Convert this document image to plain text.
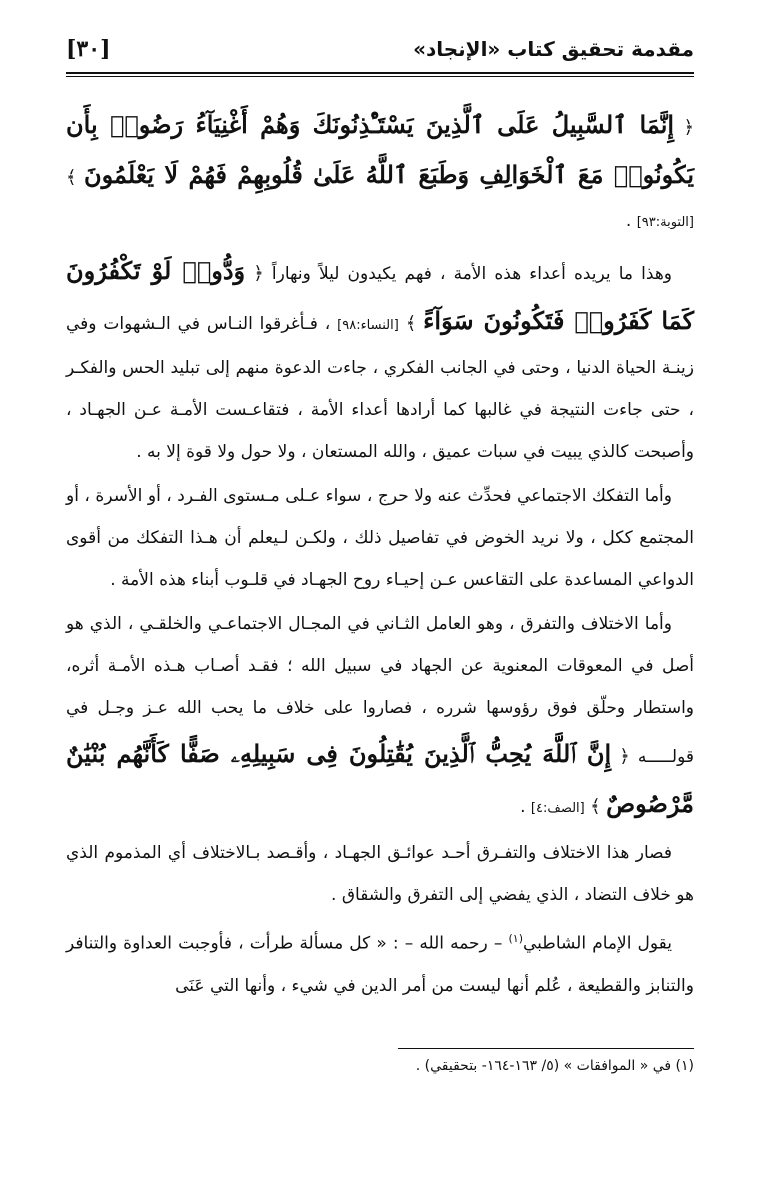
[٣٠]	مقدمة تحقيق كتاب «الإنجاد»

﴿ إِنَّمَا ٱلسَّبِيلُ عَلَى ٱلَّذِينَ يَسْتَـْٔذِنُونَكَ وَهُمْ أَغْنِيَآءُ رَضُوا۟ بِأَن يَكُونُوا۟ مَعَ ٱلْخَوَالِفِ وَطَبَعَ ٱللَّهُ عَلَىٰ قُلُوبِهِمْ فَهُمْ لَا يَعْلَمُونَ ﴾ [التوبة:٩٣] .

وهذا ما يريده أعداء هذه الأمة ، فهم يكيدون ليلاً ونهاراً ﴿ وَدُّوا۟ لَوْ تَكْفُرُونَ كَمَا كَفَرُوا۟ فَتَكُونُونَ سَوَآءً ﴾ [النساء:٩٨] ، فـأغرقوا النـاس في الـشهوات وفي زينـة الحياة الدنيا ، وحتى في الجانب الفكري ، جاءت الدعوة منهم إلى تبليد الحس والفكـر ، حتى جاءت النتيجة في غالبها كما أرادها أعداء الأمة ، فتقاعـست الأمـة عـن الجهـاد ، وأصبحت كالذي يبيت في سبات عميق ، والله المستعان ، ولا حول ولا قوة إلا به .

وأما التفكك الاجتماعي فحدِّث عنه ولا حرج ، سواء عـلى مـستوى الفـرد ، أو الأسرة ، أو المجتمع ككل ، ولا نريد الخوض في تفاصيل ذلك ، ولكـن لـيعلم أن هـذا التفكك من أقوى الدواعي المساعدة على التقاعس عـن إحيـاء روح الجهـاد في قلـوب أبناء هذه الأمة .

وأما الاختلاف والتفرق ، وهو العامل الثـاني في المجـال الاجتماعـي والخلقـي ، الذي هو أصل في المعوقات المعنوية عن الجهاد في سبيل الله ؛ فقـد أصـاب هـذه الأمـة أثره، واستطار وحلّق فوق رؤوسها شرره ، فصاروا على خلاف ما يحب الله عـز وجـل في قولـــــه ﴿ إِنَّ ٱللَّهَ يُحِبُّ ٱلَّذِينَ يُقَٰتِلُونَ فِى سَبِيلِهِۦ صَفًّا كَأَنَّهُم بُنْيَٰنٌ مَّرْصُوصٌ ﴾ [الصف:٤] .

فصار هذا الاختلاف والتفـرق أحـد عوائـق الجهـاد ، وأقـصد بـالاختلاف أي المذموم الذي هو خلاف التضاد ، الذي يفضي إلى التفرق والشقاق .

يقول الإمام الشاطبي$^{(١)}$ – رحمه الله – : « كل مسألة طرأت ، فأوجبت العداوة والتنافر والتنابز والقطيعة ، عُلم أنها ليست من أمر الدين في شيء ، وأنها التي عَنَى

(١) في « الموافقات » (٥/ ١٦٣-١٦٤- بتحقيقي) .
